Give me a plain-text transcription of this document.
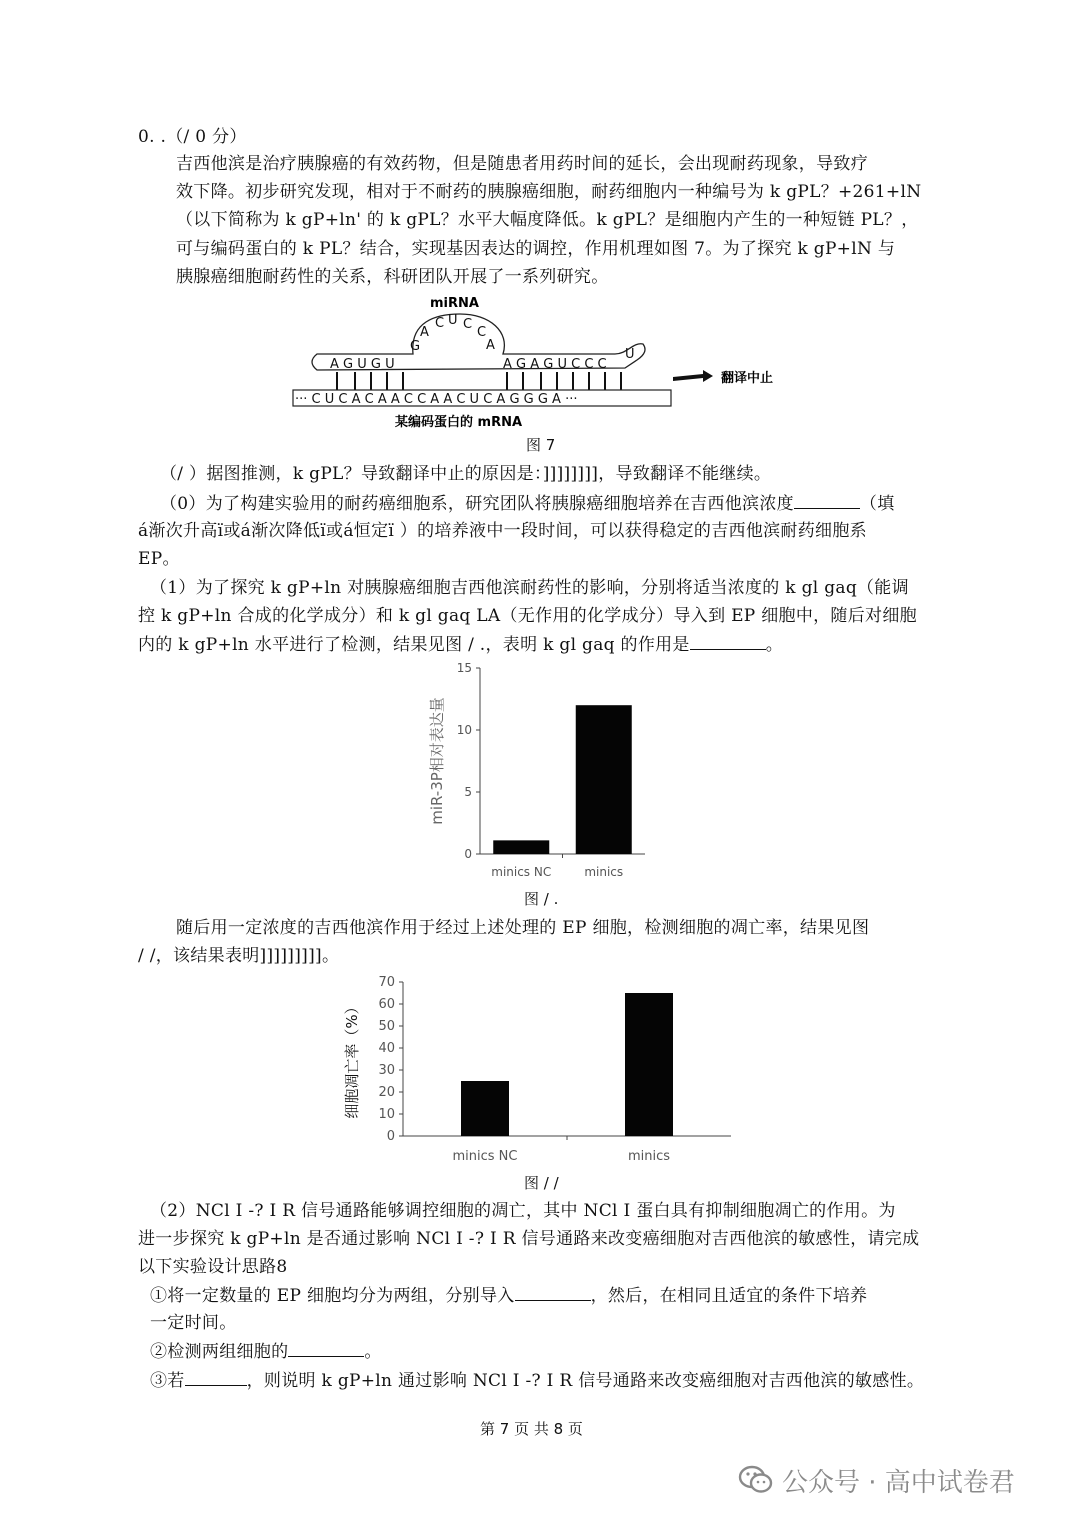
0. .（/ 0 分）
吉西他滨是治疗胰腺癌的有效药物，但是随患者用药时间的延长，会出现耐药现象，导致疗
效下降。初步研究发现，相对于不耐药的胰腺癌细胞，耐药细胞内一种编号为 k gPL？+261+lN
（以下简称为 k gP+ln' 的 k gPL？水平大幅度降低。k gPL？是细胞内产生的一种短链 PL？，
可与编码蛋白的 k PL？结合，实现基因表达的调控，作用机理如图 7。为了探究 k gP+lN 与
胰腺癌细胞耐药性的关系，科研团队开展了一系列研究。
miRNA
A G U G U	A G A G U C C C
U
G
A
C U C
C
A
··· C U C A C A A C C A A C U C A G G G A ···
某编码蛋白的 mRNA
翻译中止
图 7
（/ ）据图推测，k gPL？导致翻译中止的原因是：]]]]]]]]，导致翻译不能继续。
（0）为了构建实验用的耐药癌细胞系，研究团队将胰腺癌细胞培养在吉西他滨浓度	（填
á渐次升高ï或á渐次降低ï或á恒定ï ）的培养液中一段时间，可以获得稳定的吉西他滨耐药细胞系
EP。
（1）为了探究 k gP+ln 对胰腺癌细胞吉西他滨耐药性的影响，分别将适当浓度的 k gl gaq（能调
控 k gP+ln 合成的化学成分）和 k gl gaq LA（无作用的化学成分）导入到 EP 细胞中，随后对细胞
内的 k gP+ln 水平进行了检测，结果见图 / .，表明 k gl gaq 的作用是	。
0
5
10
15
minics NC	minics
miR-3P相对表达量
图 / .
随后用一定浓度的吉西他滨作用于经过上述处理的 EP 细胞，检测细胞的凋亡率，结果见图
/ /，该结果表明]]]]]]]]]。
0
10
20
30
40
50
60
70
minics NC	minics
细胞凋亡率（%）
图 / /
（2）NCl I -? I R 信号通路能够调控细胞的凋亡，其中 NCl I 蛋白具有抑制细胞凋亡的作用。为
进一步探究 k gP+ln 是否通过影响 NCl I -? I R 信号通路来改变癌细胞对吉西他滨的敏感性，请完成
以下实验设计思路8
①将一定数量的 EP 细胞均分为两组，分别导入	，然后，在相同且适宜的条件下培养
一定时间。
②检测两组细胞的	。
③若	，则说明 k gP+ln 通过影响 NCl I -? I R 信号通路来改变癌细胞对吉西他滨的敏感性。
第 7 页 共 8 页
公众号 · 高中试卷君
